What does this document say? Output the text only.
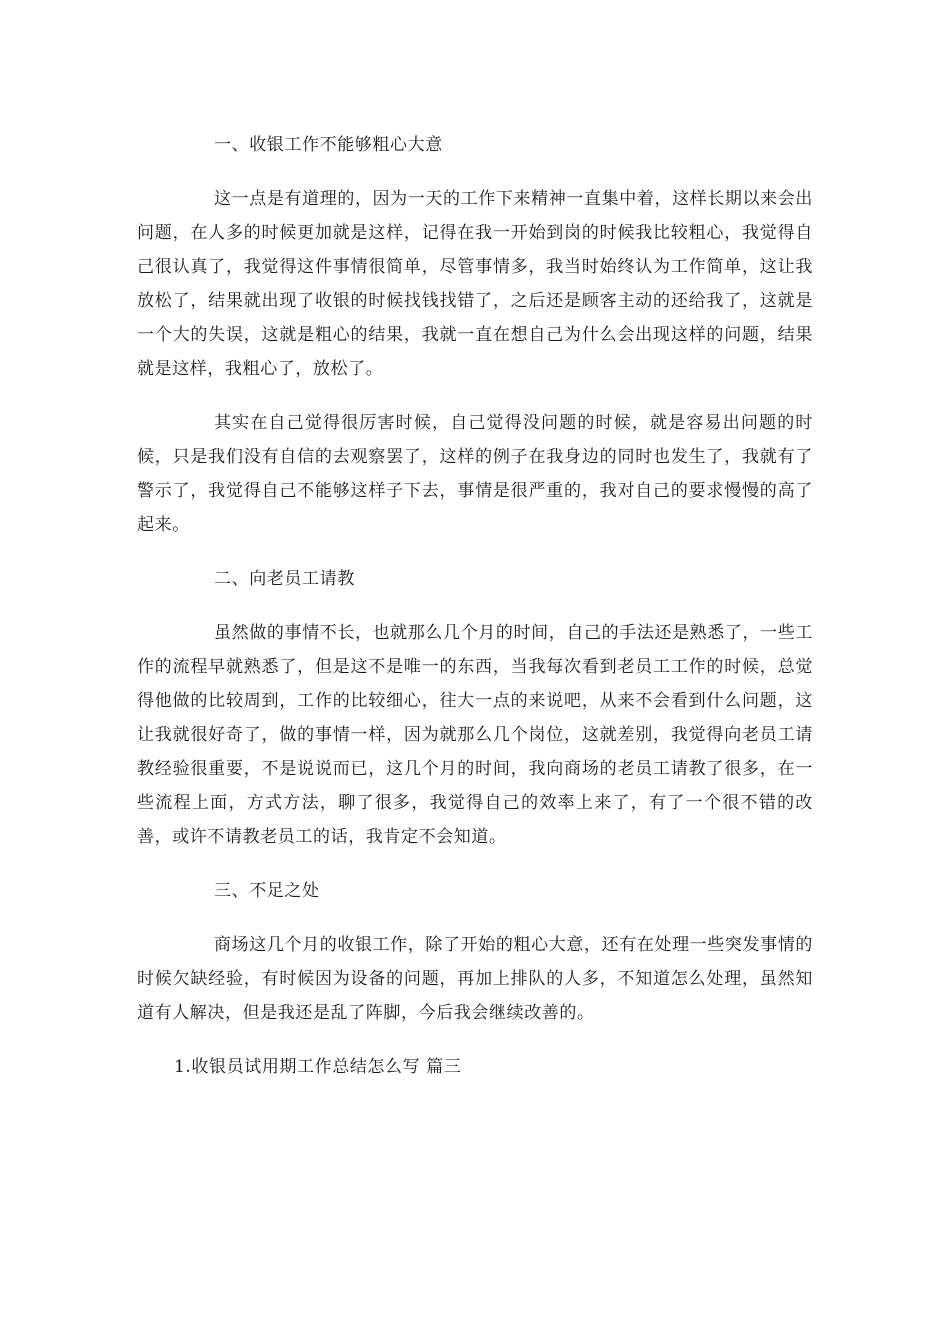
一、收银工作不能够粗心大意

这一点是有道理的，因为一天的工作下来精神一直集中着，这样长期以来会出问题，在人多的时候更加就是这样，记得在我一开始到岗的时候我比较粗心，我觉得自己很认真了，我觉得这件事情很简单，尽管事情多，我当时始终认为工作简单，这让我放松了，结果就出现了收银的时候找钱找错了，之后还是顾客主动的还给我了，这就是一个大的失误，这就是粗心的结果，我就一直在想自己为什么会出现这样的问题，结果就是这样，我粗心了，放松了。

其实在自己觉得很厉害时候，自己觉得没问题的时候，就是容易出问题的时候，只是我们没有自信的去观察罢了，这样的例子在我身边的同时也发生了，我就有了警示了，我觉得自己不能够这样子下去，事情是很严重的，我对自己的要求慢慢的高了起来。

二、向老员工请教

虽然做的事情不长，也就那么几个月的时间，自己的手法还是熟悉了，一些工作的流程早就熟悉了，但是这不是唯一的东西，当我每次看到老员工工作的时候，总觉得他做的比较周到，工作的比较细心，往大一点的来说吧，从来不会看到什么问题，这让我就很好奇了，做的事情一样，因为就那么几个岗位，这就差别，我觉得向老员工请教经验很重要，不是说说而已，这几个月的时间，我向商场的老员工请教了很多，在一些流程上面，方式方法，聊了很多，我觉得自己的效率上来了，有了一个很不错的改善，或许不请教老员工的话，我肯定不会知道。

三、不足之处

商场这几个月的收银工作，除了开始的粗心大意，还有在处理一些突发事情的时候欠缺经验，有时候因为设备的问题，再加上排队的人多，不知道怎么处理，虽然知道有人解决，但是我还是乱了阵脚，今后我会继续改善的。

1.收银员试用期工作总结怎么写 篇三
